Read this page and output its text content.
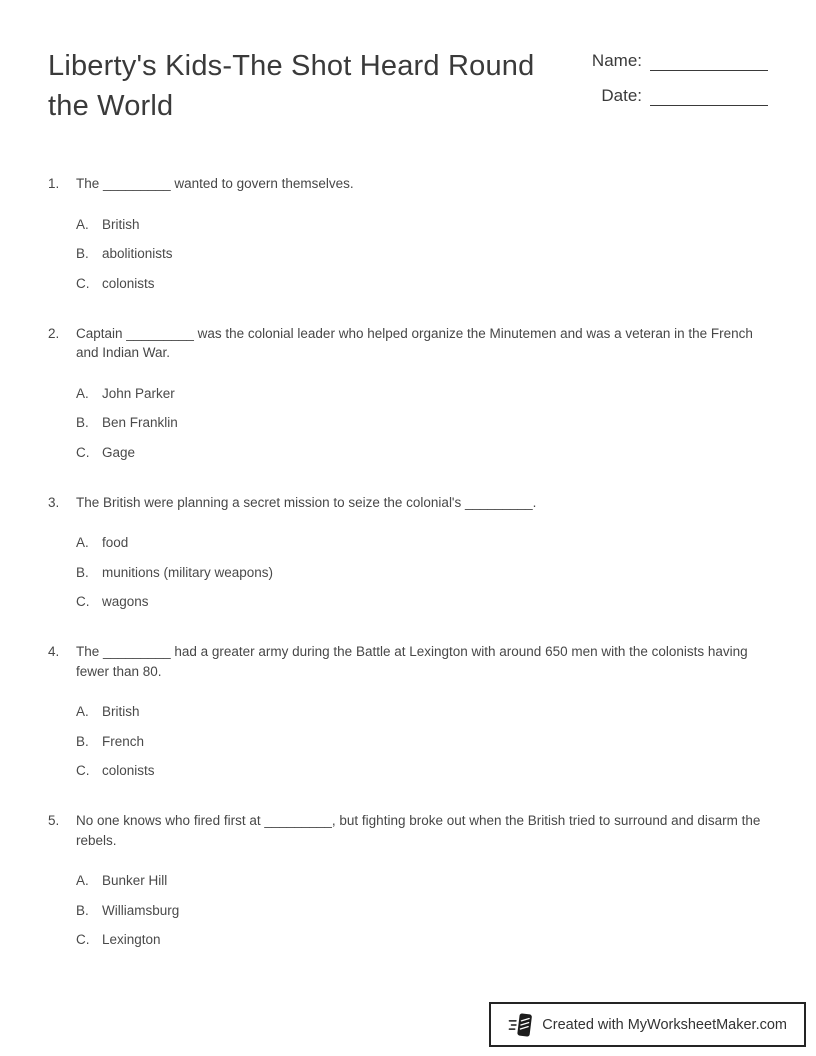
Liberty's Kids-The Shot Heard Round the World
Name:
Date:
1.	The _________ wanted to govern themselves.
A. British
B. abolitionists
C. colonists
2.	Captain _________ was the colonial leader who helped organize the Minutemen and was a veteran in the French and Indian War.
A. John Parker
B. Ben Franklin
C. Gage
3.	The British were planning a secret mission to seize the colonial's _________.
A. food
B. munitions (military weapons)
C. wagons
4.	The _________ had a greater army during the Battle at Lexington with around 650 men with the colonists having fewer than 80.
A. British
B. French
C. colonists
5.	No one knows who fired first at _________, but fighting broke out when the British tried to surround and disarm the rebels.
A. Bunker Hill
B. Williamsburg
C. Lexington
Created with MyWorksheetMaker.com
